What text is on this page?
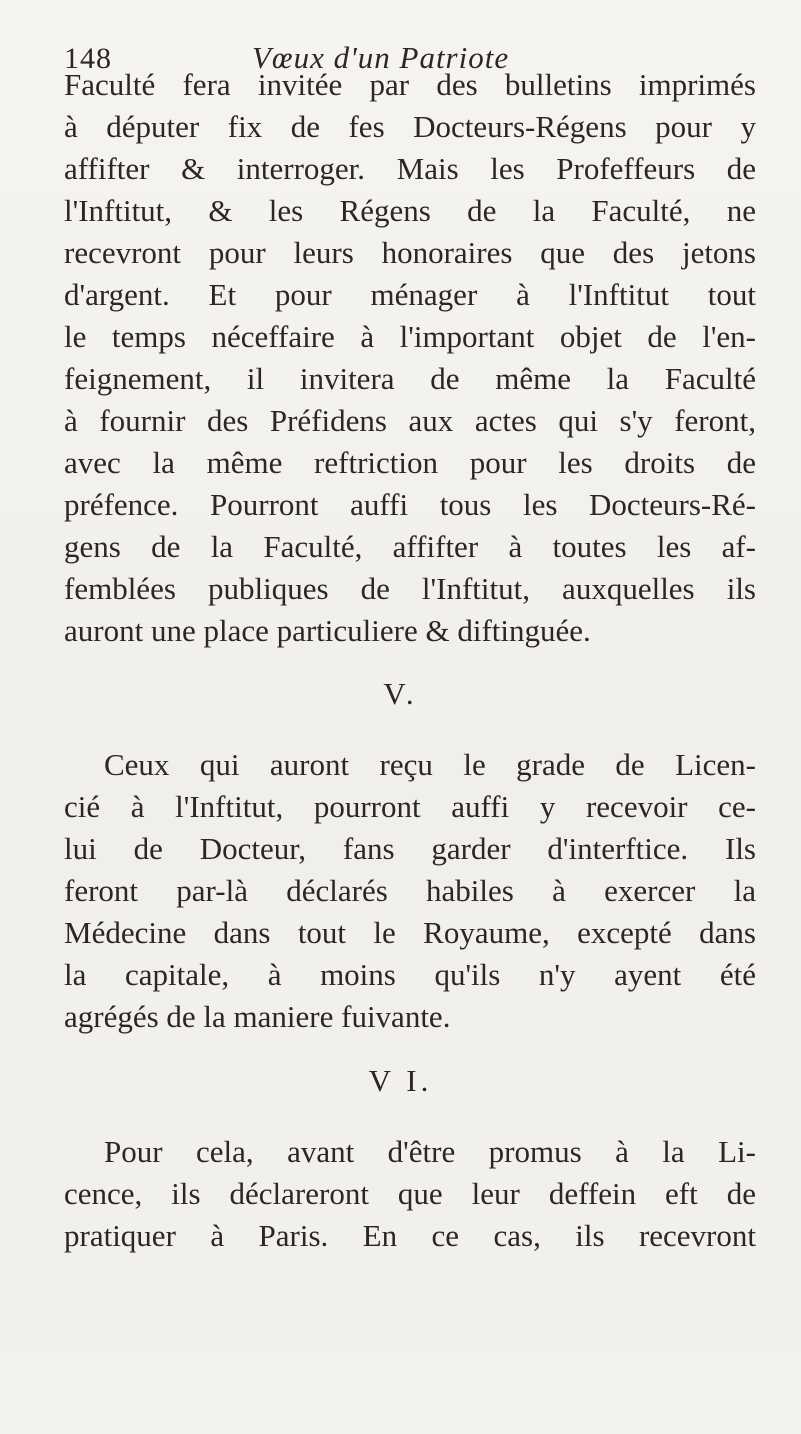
148	Vœux d'un Patriote
Faculté fera invitée par des bulletins imprimés
à députer fix de fes Docteurs-Régens pour y
affifter & interroger. Mais les Profeffeurs de
l'Inftitut, & les Régens de la Faculté, ne
recevront pour leurs honoraires que des jetons
d'argent. Et pour ménager à l'Inftitut tout
le temps néceffaire à l'important objet de l'en-
feignement, il invitera de même la Faculté
à fournir des Préfidens aux actes qui s'y feront,
avec la même reftriction pour les droits de
préfence. Pourront auffi tous les Docteurs-Ré-
gens de la Faculté, affifter à toutes les af-
femblées publiques de l'Inftitut, auxquelles ils
auront une place particuliere & diftinguée.
V.
Ceux qui auront reçu le grade de Licen-
cié à l'Inftitut, pourront auffi y recevoir ce-
lui de Docteur, fans garder d'interftice. Ils
feront par-là déclarés habiles à exercer la
Médecine dans tout le Royaume, excepté dans
la capitale, à moins qu'ils n'y ayent été
agrégés de la maniere fuivante.
V I.
Pour cela, avant d'être promus à la Li-
cence, ils déclareront que leur deffein eft de
pratiquer à Paris. En ce cas, ils recevront
